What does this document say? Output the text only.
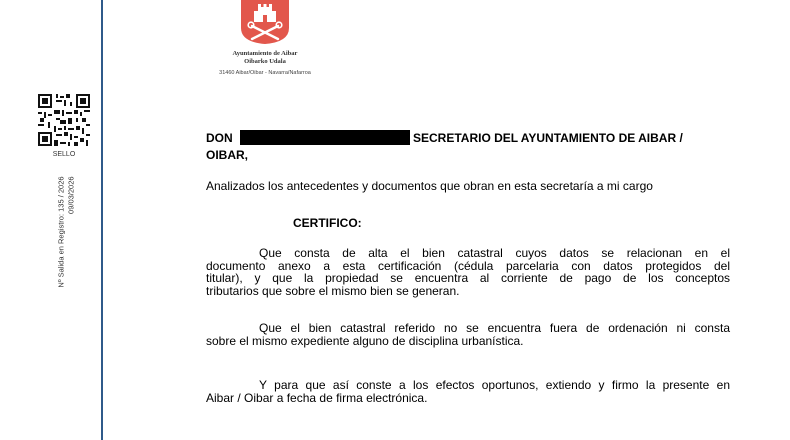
SELLO
Nº Salida en Registro: 135 / 2026 09/03/2026
Ayuntamiento de Aibar
Oibarko Udala
31460 Aibar/Oibar - Navarra/Nafarroa
DON	SECRETARIO DEL AYUNTAMIENTO DE AIBAR /
OIBAR,
Analizados los antecedentes y documentos que obran en esta secretaría a mi cargo
CERTIFICO:
Que consta de alta el bien catastral cuyos datos se relacionan en el
documento anexo a esta certificación (cédula parcelaria con datos protegidos del
titular), y que la propiedad se encuentra al corriente de pago de los conceptos
tributarios que sobre el mismo bien se generan.
Que el bien catastral referido no se encuentra fuera de ordenación ni consta
sobre el mismo expediente alguno de disciplina urbanística.
Y para que así conste a los efectos oportunos, extiendo y firmo la presente en
Aibar / Oibar a fecha de firma electrónica.
